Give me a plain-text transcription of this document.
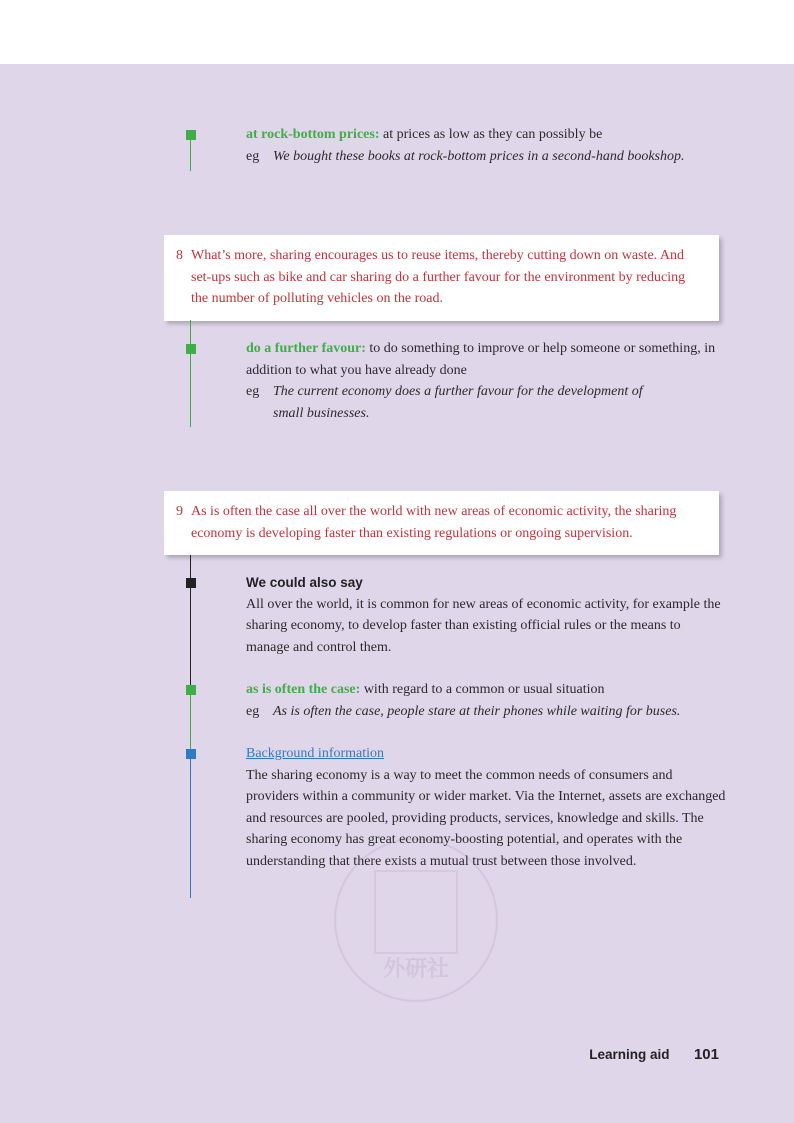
at rock-bottom prices: at prices as low as they can possibly be
eg We bought these books at rock-bottom prices in a second-hand bookshop.
8 What’s more, sharing encourages us to reuse items, thereby cutting down on waste. And set-ups such as bike and car sharing do a further favour for the environment by reducing the number of polluting vehicles on the road.
do a further favour: to do something to improve or help someone or something, in addition to what you have already done
eg The current economy does a further favour for the development of small businesses.
9 As is often the case all over the world with new areas of economic activity, the sharing economy is developing faster than existing regulations or ongoing supervision.
We could also say
All over the world, it is common for new areas of economic activity, for example the sharing economy, to develop faster than existing official rules or the means to manage and control them.
as is often the case: with regard to a common or usual situation
eg As is often the case, people stare at their phones while waiting for buses.
外研社
Background information
The sharing economy is a way to meet the common needs of consumers and providers within a community or wider market. Via the Internet, assets are exchanged and resources are pooled, providing products, services, knowledge and skills. The sharing economy has great economy-boosting potential, and operates with the understanding that there exists a mutual trust between those involved.
Learning aid 101
